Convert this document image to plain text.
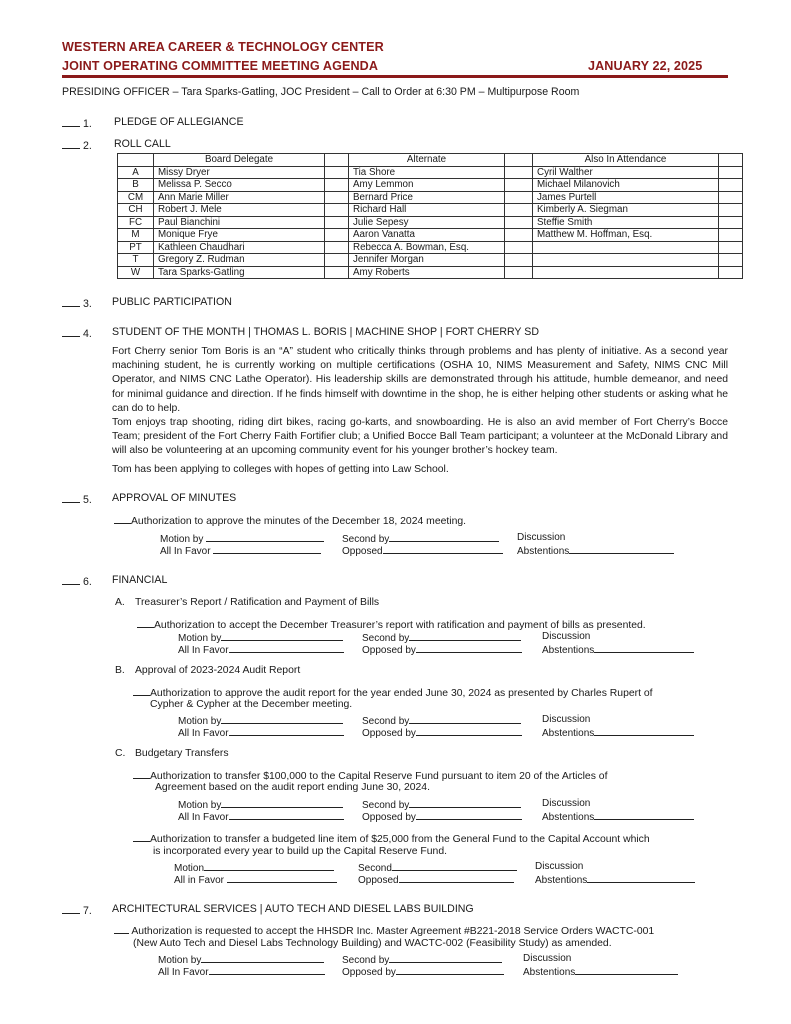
WESTERN AREA CAREER & TECHNOLOGY CENTER
JOINT OPERATING COMMITTEE MEETING AGENDA	JANUARY 22, 2025
PRESIDING OFFICER – Tara Sparks-Gatling, JOC President – Call to Order at 6:30 PM – Multipurpose Room
1. PLEDGE OF ALLEGIANCE
2. ROLL CALL
	Board Delegate		Alternate		Also In Attendance	
A	Missy Dryer		Tia Shore		Cyril Walther	
B	Melissa P. Secco		Amy Lemmon		Michael Milanovich	
CM	Ann Marie Miller		Bernard Price		James Purtell	
CH	Robert J. Mele		Richard Hall		Kimberly A. Siegman	
FC	Paul Bianchini		Julie Sepesy		Steffie Smith	
M	Monique Frye		Aaron Vanatta		Matthew M. Hoffman, Esq.	
PT	Kathleen Chaudhari		Rebecca A. Bowman, Esq.			
T	Gregory Z. Rudman		Jennifer Morgan			
W	Tara Sparks-Gatling		Amy Roberts			
3. PUBLIC PARTICIPATION
4. STUDENT OF THE MONTH | THOMAS L. BORIS | MACHINE SHOP | FORT CHERRY SD
Fort Cherry senior Tom Boris is an “A” student who critically thinks through problems and has plenty of initiative. As a second year machining student, he is currently working on multiple certifications (OSHA 10, NIMS Measurement and Safety, NIMS CNC Mill Operator, and NIMS CNC Lathe Operator). His leadership skills are demonstrated through his attitude, humble demeanor, and need for minimal guidance and direction. If he finds himself with downtime in the shop, he is either helping other students or asking what he can do to help.
Tom enjoys trap shooting, riding dirt bikes, racing go-karts, and snowboarding. He is also an avid member of Fort Cherry’s Bocce Team; president of the Fort Cherry Faith Fortifier club; a Unified Bocce Ball Team participant; a volunteer at the McDonald Library and will also be volunteering at an upcoming community event for his younger brother’s hockey team.
Tom has been applying to colleges with hopes of getting into Law School.
5. APPROVAL OF MINUTES
Authorization to approve the minutes of the December 18, 2024 meeting.
Motion by
All In Favor
Second by
Opposed
Discussion
Abstentions
6. FINANCIAL
A. Treasurer’s Report / Ratification and Payment of Bills
Authorization to accept the December Treasurer’s report with ratification and payment of bills as presented.
Motion by
All In Favor
Second by
Opposed by
Discussion
Abstentions
B. Approval of 2023-2024 Audit Report
Authorization to approve the audit report for the year ended June 30, 2024 as presented by Charles Rupert of
Cypher & Cypher at the December meeting.
Motion by
All In Favor
Second by
Opposed by
Discussion
Abstentions
C. Budgetary Transfers
Authorization to transfer $100,000 to the Capital Reserve Fund pursuant to item 20 of the Articles of
Agreement based on the audit report ending June 30, 2024.
Motion by
All In Favor
Second by
Opposed by
Discussion
Abstentions
Authorization to transfer a budgeted line item of $25,000 from the General Fund to the Capital Account which
is incorporated every year to build up the Capital Reserve Fund.
Motion
All in Favor
Second
Opposed
Discussion
Abstentions
7. ARCHITECTURAL SERVICES | AUTO TECH AND DIESEL LABS BUILDING
Authorization is requested to accept the HHSDR Inc. Master Agreement #B221-2018 Service Orders WACTC-001
(New Auto Tech and Diesel Labs Technology Building) and WACTC-002 (Feasibility Study) as amended.
Motion by
All In Favor
Second by
Opposed by
Discussion
Abstentions
